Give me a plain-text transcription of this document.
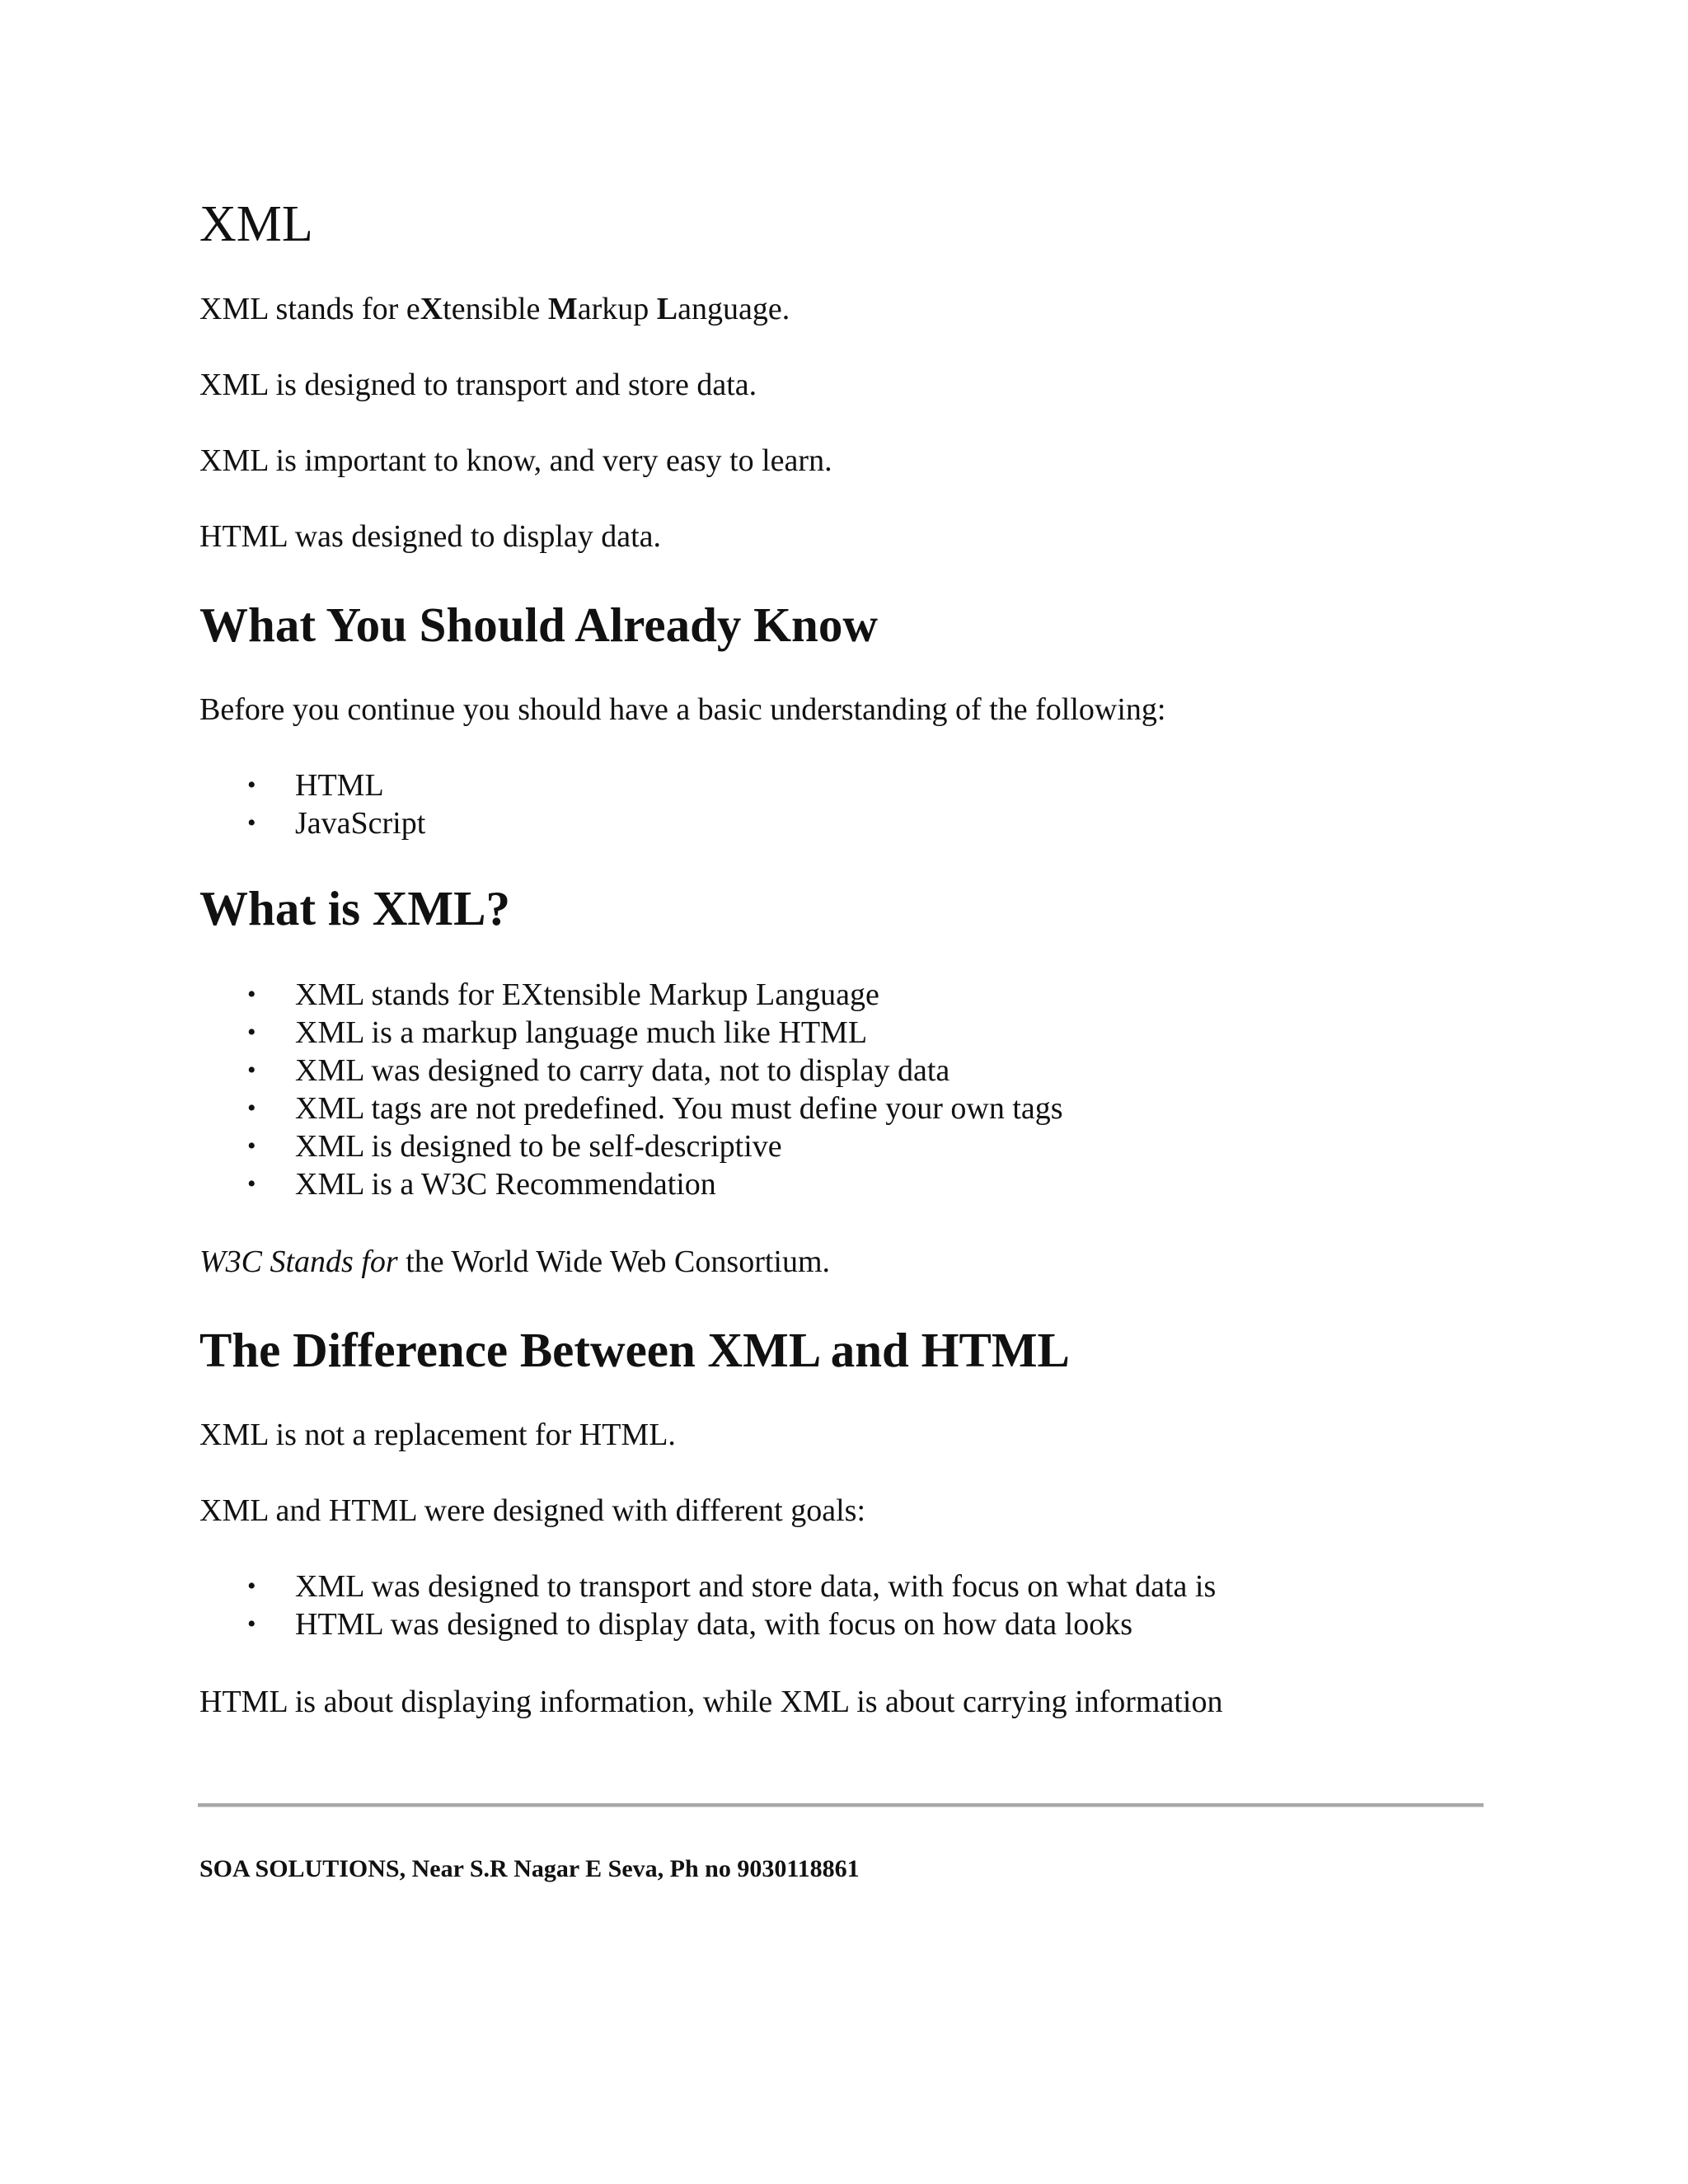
XML
XML stands for eXtensible Markup Language.
XML is designed to transport and store data.
XML is important to know, and very easy to learn.
HTML was designed to display data.
What You Should Already Know
Before you continue you should have a basic understanding of the following:
• HTML
• JavaScript
What is XML?
• XML stands for EXtensible Markup Language
• XML is a markup language much like HTML
• XML was designed to carry data, not to display data
• XML tags are not predefined. You must define your own tags
• XML is designed to be self-descriptive
• XML is a W3C Recommendation
W3C Stands for the World Wide Web Consortium.
The Difference Between XML and HTML
XML is not a replacement for HTML.
XML and HTML were designed with different goals:
• XML was designed to transport and store data, with focus on what data is
• HTML was designed to display data, with focus on how data looks
HTML is about displaying information, while XML is about carrying information
SOA SOLUTIONS, Near S.R Nagar E Seva, Ph no 9030118861
